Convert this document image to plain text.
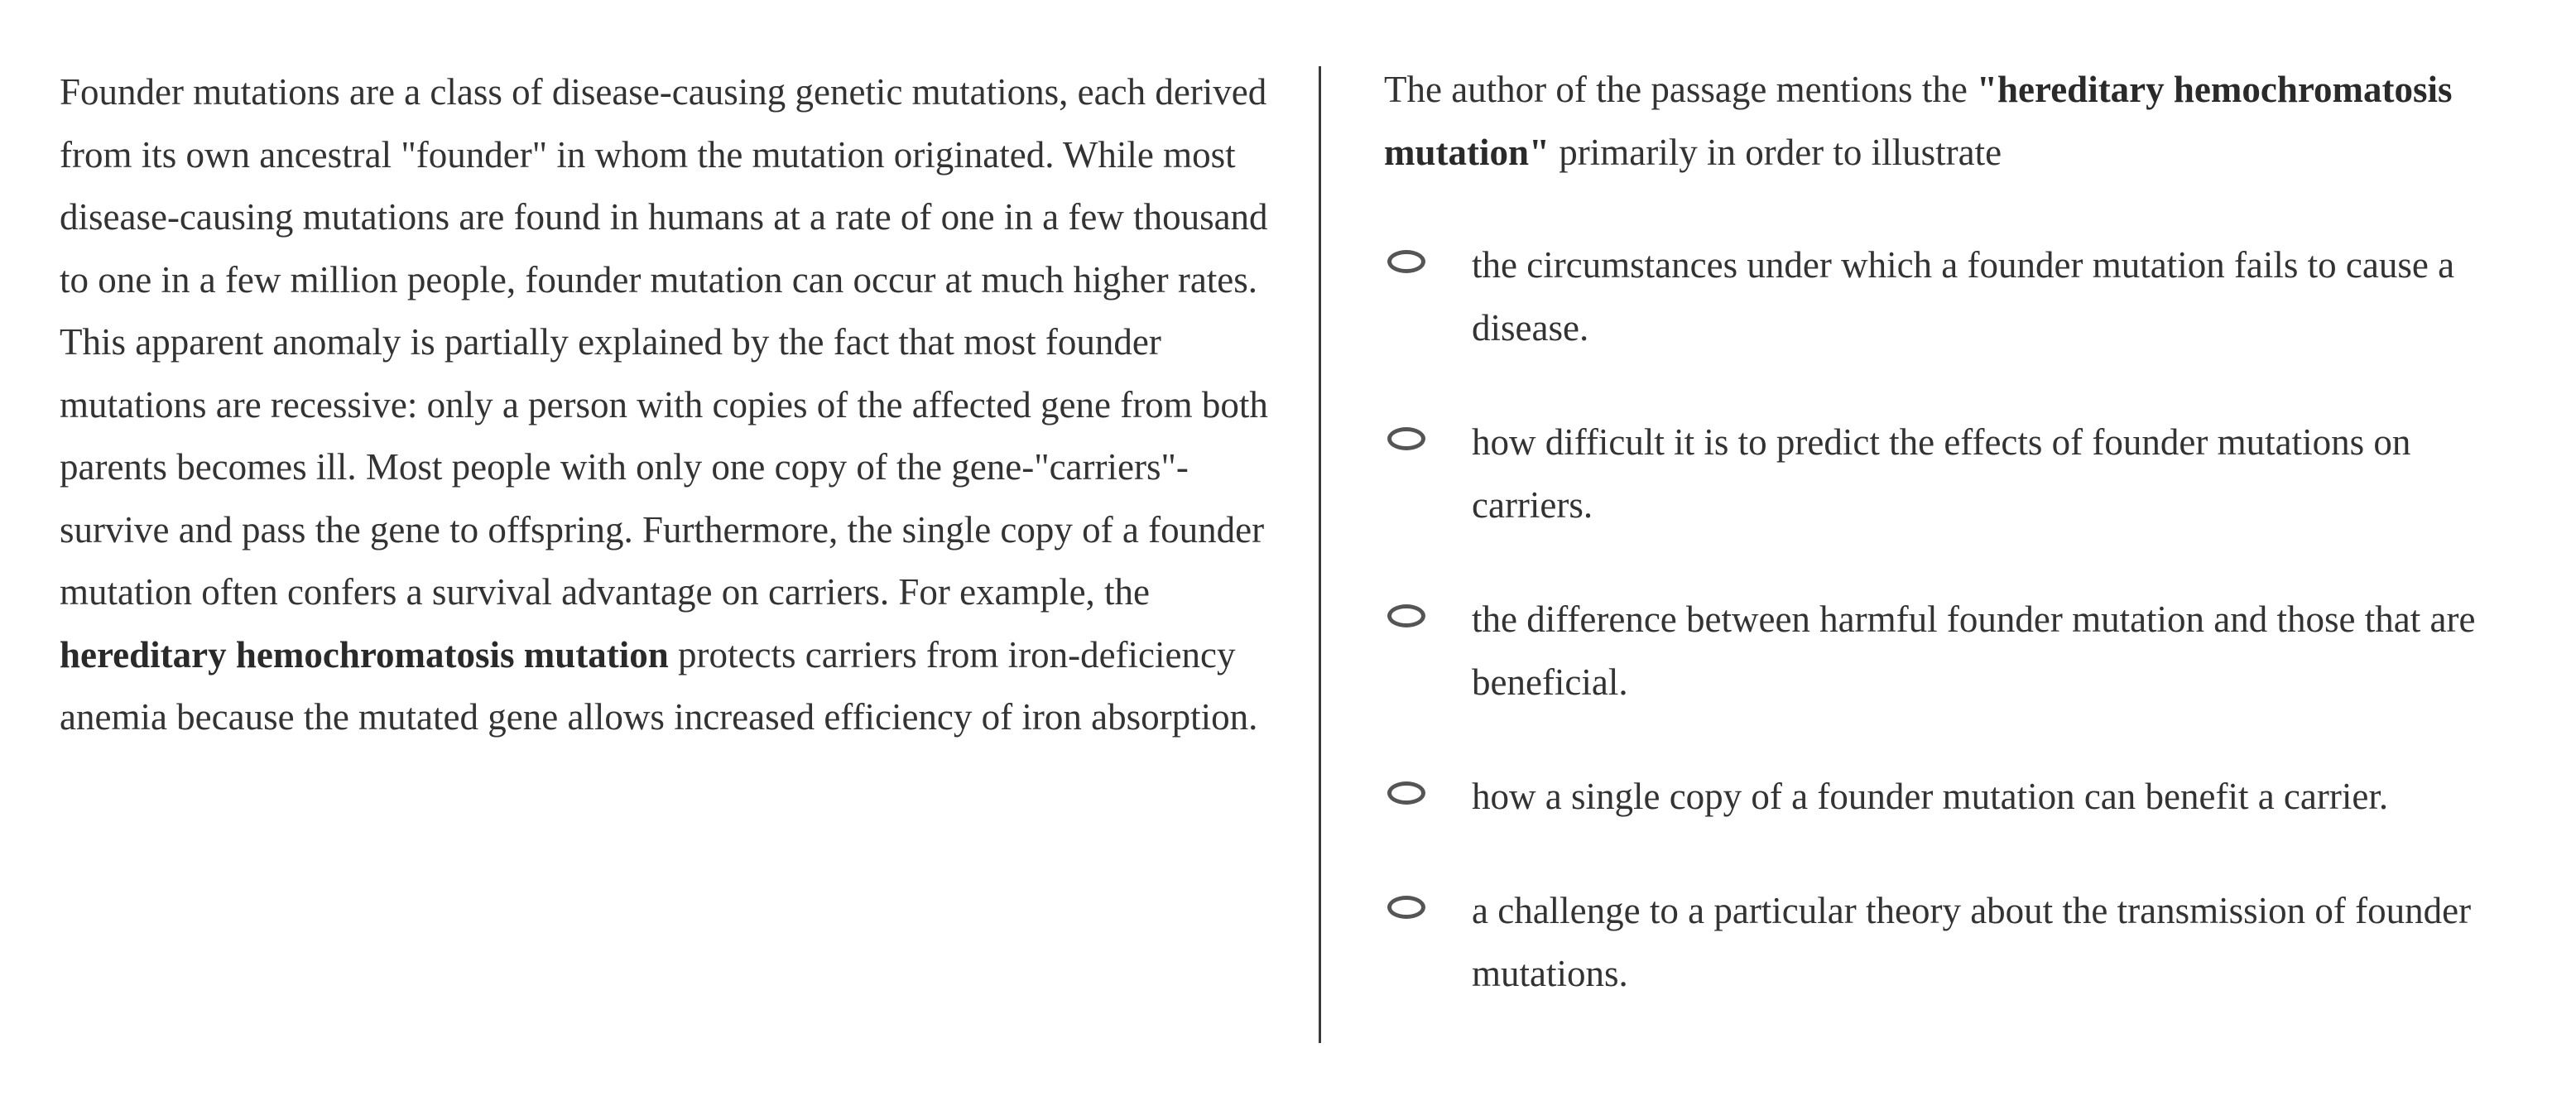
Founder mutations are a class of disease-causing genetic mutations, each derived from its own ancestral "founder" in whom the mutation originated. While most disease-causing mutations are found in humans at a rate of one in a few thousand to one in a few million people, founder mutation can occur at much higher rates. This apparent anomaly is partially explained by the fact that most founder mutations are recessive: only a person with copies of the affected gene from both parents becomes ill. Most people with only one copy of the gene-"carriers"-survive and pass the gene to offspring. Furthermore, the single copy of a founder mutation often confers a survival advantage on carriers. For example, the hereditary hemochromatosis mutation protects carriers from iron-deficiency anemia because the mutated gene allows increased efficiency of iron absorption.

The author of the passage mentions the "hereditary hemochromatosis mutation" primarily in order to illustrate

the circumstances under which a founder mutation fails to cause a disease.
how difficult it is to predict the effects of founder mutations on carriers.
the difference between harmful founder mutation and those that are beneficial.
how a single copy of a founder mutation can benefit a carrier.
a challenge to a particular theory about the transmission of founder mutations.
